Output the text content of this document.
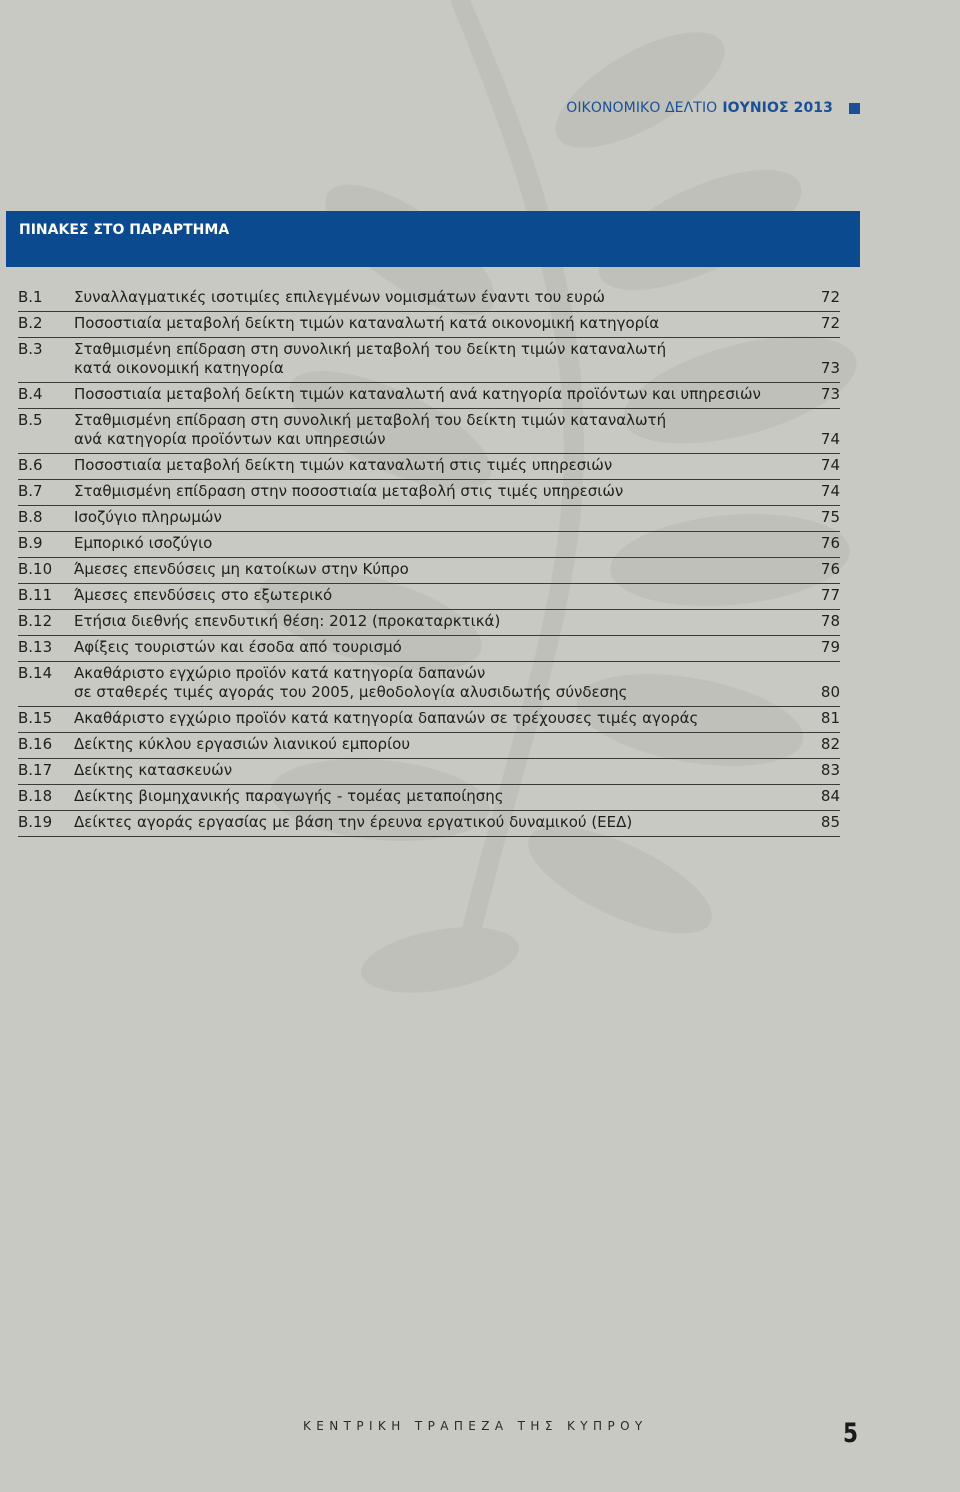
ΟΙΚΟΝΟΜΙΚΟ ΔΕΛΤΙΟ ΙΟΥΝΙΟΣ 2013
ΠΙΝΑΚΕΣ ΣΤΟ ΠΑΡΑΡΤΗΜΑ
Β.1 Συναλλαγματικές ισοτιμίες επιλεγμένων νομισμάτων έναντι του ευρώ	72
Β.2 Ποσοστιαία μεταβολή δείκτη τιμών καταναλωτή κατά οικονομική κατηγορία	72
Β.3 Σταθμισμένη επίδραση στη συνολική μεταβολή του δείκτη τιμών καταναλωτή
κατά οικονομική κατηγορία	73
Β.4 Ποσοστιαία μεταβολή δείκτη τιμών καταναλωτή ανά κατηγορία προϊόντων και υπηρεσιών	73
Β.5 Σταθμισμένη επίδραση στη συνολική μεταβολή του δείκτη τιμών καταναλωτή
ανά κατηγορία προϊόντων και υπηρεσιών	74
Β.6 Ποσοστιαία μεταβολή δείκτη τιμών καταναλωτή στις τιμές υπηρεσιών	74
Β.7 Σταθμισμένη επίδραση στην ποσοστιαία μεταβολή στις τιμές υπηρεσιών	74
Β.8 Ισοζύγιο πληρωμών	75
Β.9 Εμπορικό ισοζύγιο	76
Β.10 Άμεσες επενδύσεις μη κατοίκων στην Κύπρο	76
Β.11 Άμεσες επενδύσεις στο εξωτερικό	77
Β.12 Ετήσια διεθνής επενδυτική θέση: 2012 (προκαταρκτικά)	78
Β.13 Αφίξεις τουριστών και έσοδα από τουρισμό	79
Β.14 Ακαθάριστο εγχώριο προϊόν κατά κατηγορία δαπανών
σε σταθερές τιμές αγοράς του 2005, μεθοδολογία αλυσιδωτής σύνδεσης	80
Β.15 Ακαθάριστο εγχώριο προϊόν κατά κατηγορία δαπανών σε τρέχουσες τιμές αγοράς	81
Β.16 Δείκτης κύκλου εργασιών λιανικού εμπορίου	82
Β.17 Δείκτης κατασκευών	83
Β.18 Δείκτης βιομηχανικής παραγωγής - τομέας μεταποίησης	84
Β.19 Δείκτες αγοράς εργασίας με βάση την έρευνα εργατικού δυναμικού (ΕΕΔ)	85
ΚΕΝΤΡΙΚΗ ΤΡΑΠΕΖΑ ΤΗΣ ΚΥΠΡΟΥ	5
